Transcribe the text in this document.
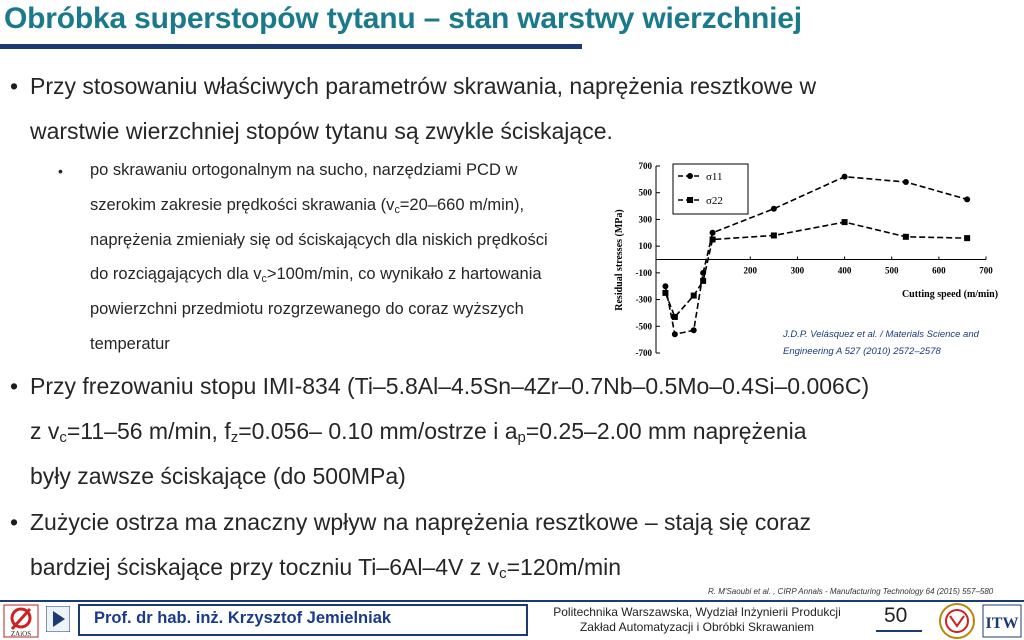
Obróbka superstopów tytanu – stan warstwy wierzchniej
• Przy stosowaniu właściwych parametrów skrawania, naprężenia resztkowe w
warstwie wierzchniej stopów tytanu są zwykle ściskające.
• po skrawaniu ortogonalnym na sucho, narzędziami PCD w
szerokim zakresie prędkości skrawania ($v_c=20-660$ m/min),
naprężenia zmieniały się od ściskających dla niskich prędkości
do rozciągających dla $v_c>100m/\min$, co wynikało z hartowania
powierzchni przedmiotu rozgrzewanego do coraz wyższych
temperatur
Residual stresses (MPa)	Cutting speed (m/min)
700
500
300
100
-100
-300
-500
-700
200	300	400	500	600	700
σ11
σ22
J.D.P. Velásquez et al. / Materials Science and
Engineering A 527 (2010) 2572–2578
• Przy frezowaniu stopu IMI-834 (Ti–5.8Al–4.5Sn–4Zr–0.7Nb–0.5Mo–0.4Si–0.006C)
z $v_c=11-56$ m/min, $f_z=0.056-$ 0.10 mm/ostrze i $a_p=0.25-2.00$ mm naprężenia
były zawsze ściskające (do 500MPa)
• Zużycie ostrza ma znaczny wpływ na naprężenia resztkowe – stają się coraz
bardziej ściskające przy toczniu Ti–6Al–4V z $v_c=120m/\min$
R. M'Saoubi et al. , CIRP Annals - Manufacturing Technology 64 (2015) 557–580
ZAiOS
Prof. dr hab. inż. Krzysztof Jemielniak	Politechnika Warszawska, Wydział Inżynierii Produkcji
Zakład Automatyzacji i Obróbki Skrawaniem	50	ITW
